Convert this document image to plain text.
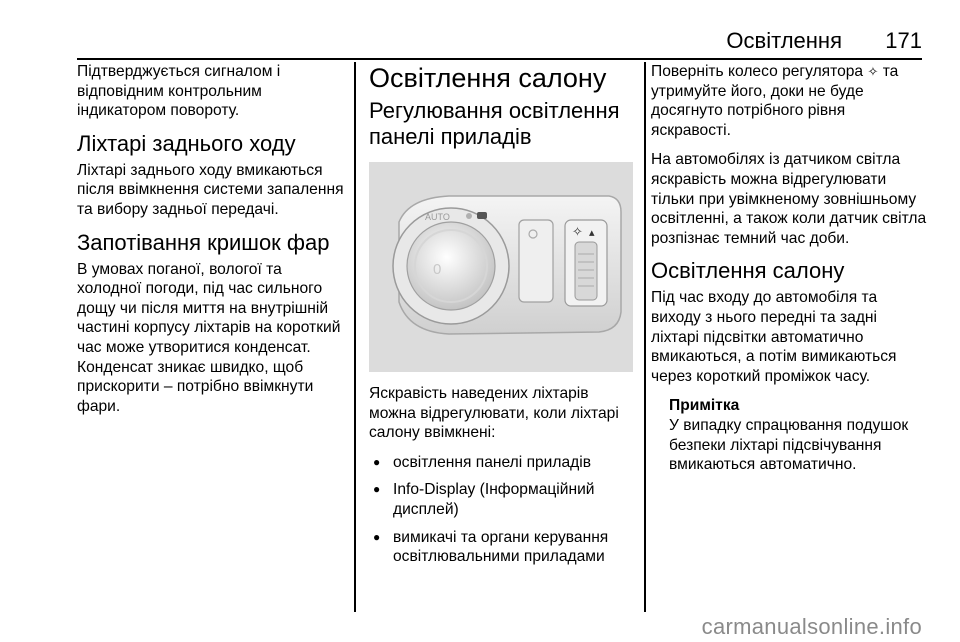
Освітлення 171

Підтверджується сигналом і відповідним контрольним індикатором повороту.

Ліхтарі заднього ходу

Ліхтарі заднього ходу вмикаються після ввімкнення системи запалення та вибору задньої передачі.

Запотівання кришок фар

В умовах поганої, вологої та холодної погоди, під час сильного дощу чи після миття на внутрішній частині корпусу ліхтарів на короткий час може утворитися конденсат. Конденсат зникає швидко, щоб прискорити – потрібно ввімкнути фари.

Освітлення салону
Регулювання освітлення панелі приладів
0
AUTO
✧ ▴

Яскравість наведених ліхтарів можна відрегулювати, коли ліхтарі салону ввімкнені:

● освітлення панелі приладів
● Info-Display (Інформаційний дисплей)
● вимикачі та органи керування освітлювальними приладами

Поверніть колесо регулятора ✧ та утримуйте його, доки не буде досягнуто потрібного рівня яскравості.

На автомобілях із датчиком світла яскравість можна відрегулювати тільки при увімкненому зовнішньому освітленні, а також коли датчик світла розпізнає темний час доби.

Освітлення салону

Під час входу до автомобіля та виходу з нього передні та задні ліхтарі підсвітки автоматично вмикаються, а потім вимикаються через короткий проміжок часу.

Примітка
У випадку спрацювання подушок безпеки ліхтарі підсвічування вмикаються автоматично.
carmanualsonline.info
